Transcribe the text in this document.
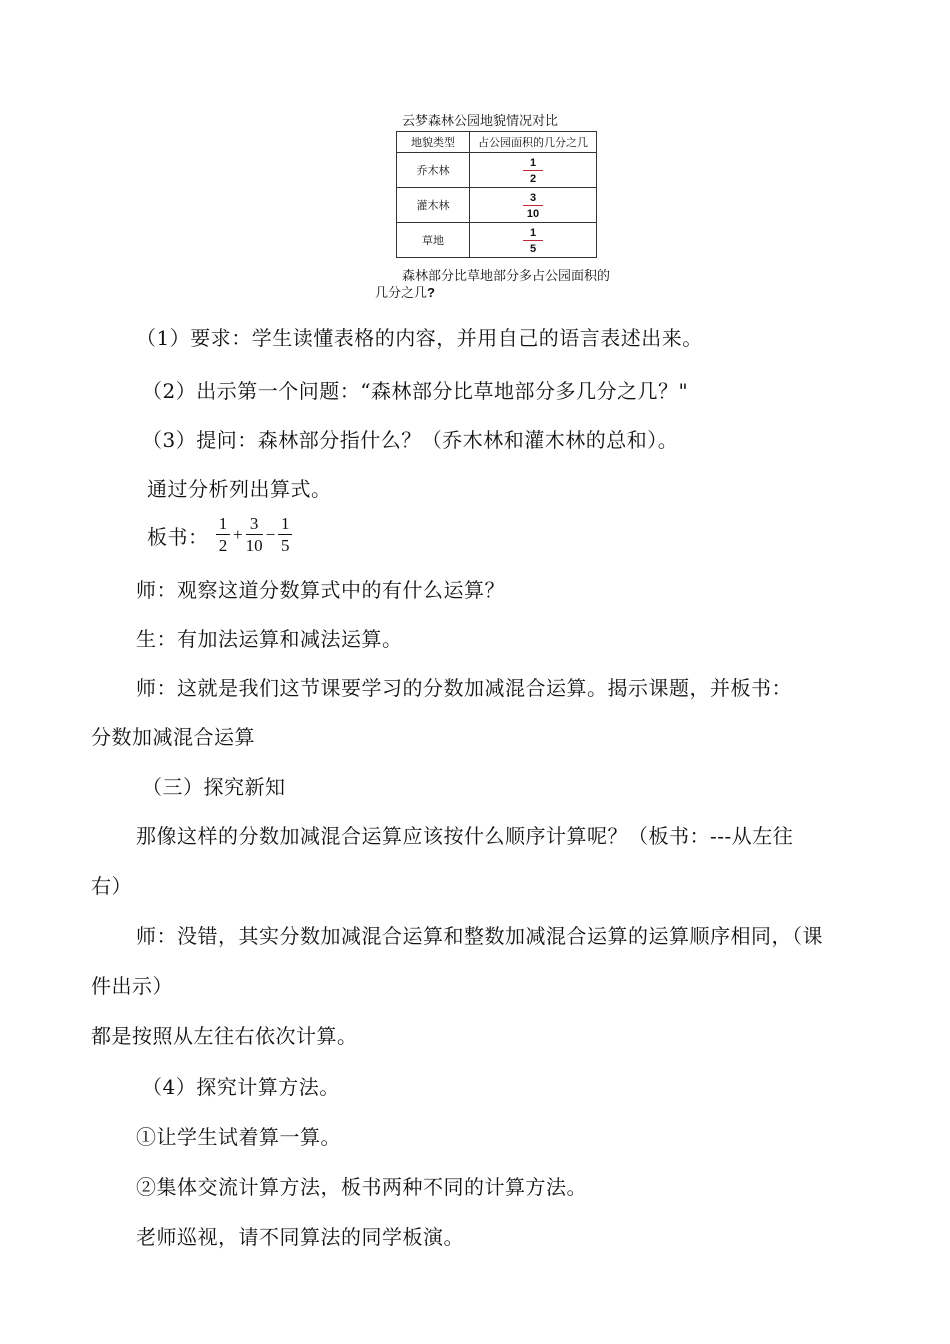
云梦森林公园地貌情况对比
地貌类型	占公园面积的几分之几
乔木林	$\frac{1}{2}$

灌木林	$\frac{3}{10}$

草地	$\frac{1}{5}$
森林部分比草地部分多占公园面积的
几分之几?
（1）要求：学生读懂表格的内容，并用自己的语言表述出来。
（2）出示第一个问题：“森林部分比草地部分多几分之几？"
（3）提问：森林部分指什么？（乔木林和灌木林的总和）。
通过分析列出算式。
板书：
1
2
+
3
10
−
1
5
师：观察这道分数算式中的有什么运算？
生：有加法运算和减法运算。
师：这就是我们这节课要学习的分数加减混合运算。揭示课题，并板书：
分数加减混合运算
（三）探究新知
那像这样的分数加减混合运算应该按什么顺序计算呢？（板书：---从左往
右）
师：没错，其实分数加减混合运算和整数加减混合运算的运算顺序相同，（课
件出示）
都是按照从左往右依次计算。
（4）探究计算方法。
①让学生试着算一算。
②集体交流计算方法，板书两种不同的计算方法。
老师巡视，请不同算法的同学板演。
